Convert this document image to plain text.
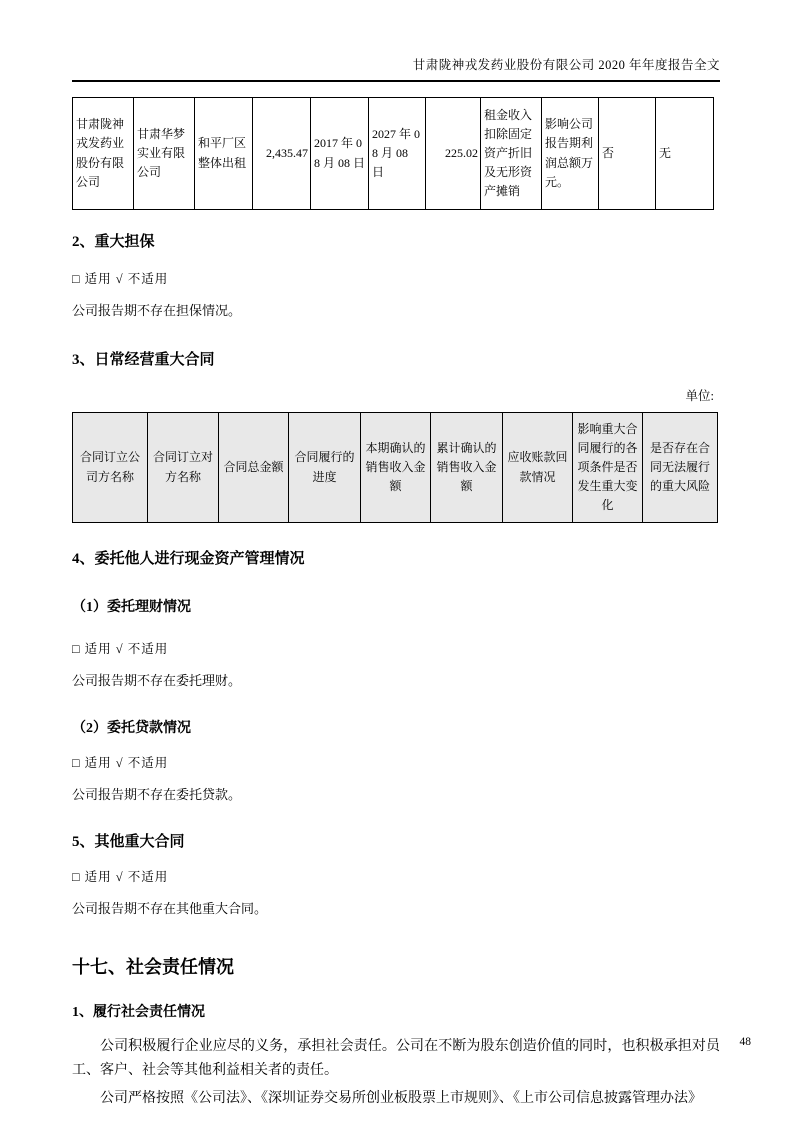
甘肃陇神戎发药业股份有限公司 2020 年年度报告全文
甘肃陇神戎发药业股份有限公司	甘肃华梦实业有限公司	和平厂区整体出租	2,435.47	2017 年 08 月 08 日	2027 年 08 月 08 日	225.02	租金收入扣除固定资产折旧及无形资产摊销	影响公司报告期利润总额万元。	否	无
2、重大担保
□ 适用 √ 不适用
公司报告期不存在担保情况。
3、日常经营重大合同
单位:
合同订立公司方名称	合同订立对方名称	合同总金额	合同履行的进度	本期确认的销售收入金额	累计确认的销售收入金额	应收账款回款情况	影响重大合同履行的各项条件是否发生重大变化	是否存在合同无法履行的重大风险
4、委托他人进行现金资产管理情况
（1）委托理财情况
□ 适用 √ 不适用
公司报告期不存在委托理财。
（2）委托贷款情况
□ 适用 √ 不适用
公司报告期不存在委托贷款。
5、其他重大合同
□ 适用 √ 不适用
公司报告期不存在其他重大合同。
十七、社会责任情况
1、履行社会责任情况

公司积极履行企业应尽的义务，承担社会责任。公司在不断为股东创造价值的同时，也积极承担对员工、客户、社会等其他利益相关者的责任。

公司严格按照《公司法》、《深圳证券交易所创业板股票上市规则》、《上市公司信息披露管理办法》

48
